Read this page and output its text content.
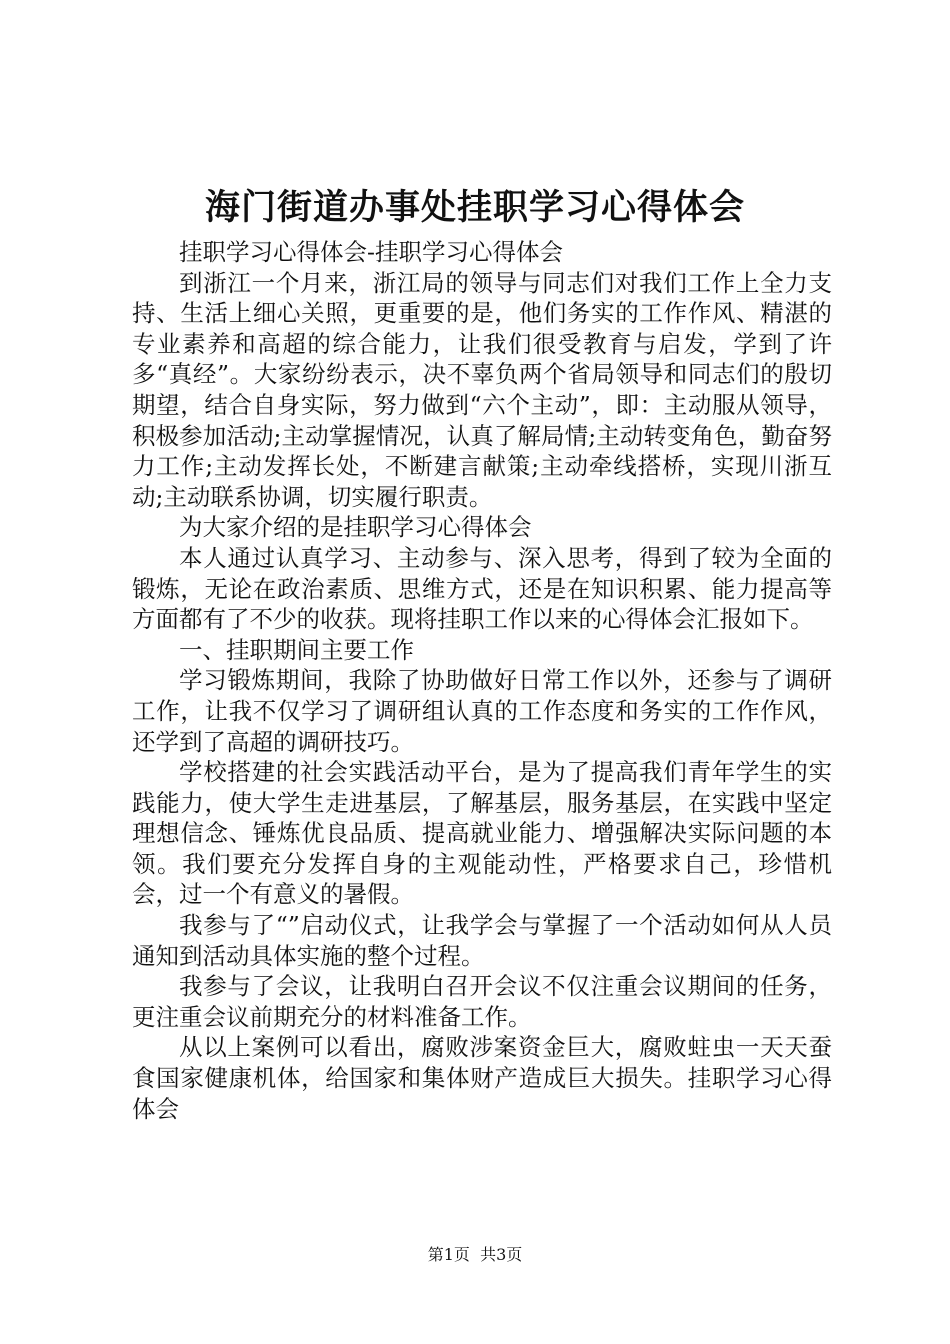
海门街道办事处挂职学习心得体会

挂职学习心得体会-挂职学习心得体会

到浙江一个月来，浙江局的领导与同志们对我们工作上全力支持、生活上细心关照，更重要的是，他们务实的工作作风、精湛的专业素养和高超的综合能力，让我们很受教育与启发，学到了许多“真经”。大家纷纷表示，决不辜负两个省局领导和同志们的殷切期望，结合自身实际，努力做到“六个主动”，即：主动服从领导，积极参加活动;主动掌握情况，认真了解局情;主动转变角色，勤奋努力工作;主动发挥长处，不断建言献策;主动牵线搭桥，实现川浙互动;主动联系协调，切实履行职责。

为大家介绍的是挂职学习心得体会

本人通过认真学习、主动参与、深入思考，得到了较为全面的锻炼，无论在政治素质、思维方式，还是在知识积累、能力提高等方面都有了不少的收获。现将挂职工作以来的心得体会汇报如下。

一、挂职期间主要工作

学习锻炼期间，我除了协助做好日常工作以外，还参与了调研工作，让我不仅学习了调研组认真的工作态度和务实的工作作风，还学到了高超的调研技巧。

学校搭建的社会实践活动平台，是为了提高我们青年学生的实践能力，使大学生走进基层，了解基层，服务基层，在实践中坚定理想信念、锤炼优良品质、提高就业能力、增强解决实际问题的本领。我们要充分发挥自身的主观能动性，严格要求自己，珍惜机会，过一个有意义的暑假。

我参与了“”启动仪式，让我学会与掌握了一个活动如何从人员通知到活动具体实施的整个过程。

我参与了会议，让我明白召开会议不仅注重会议期间的任务，更注重会议前期充分的材料准备工作。

从以上案例可以看出，腐败涉案资金巨大，腐败蛀虫一天天蚕食国家健康机体，给国家和集体财产造成巨大损失。挂职学习心得体会

第1页 共3页
